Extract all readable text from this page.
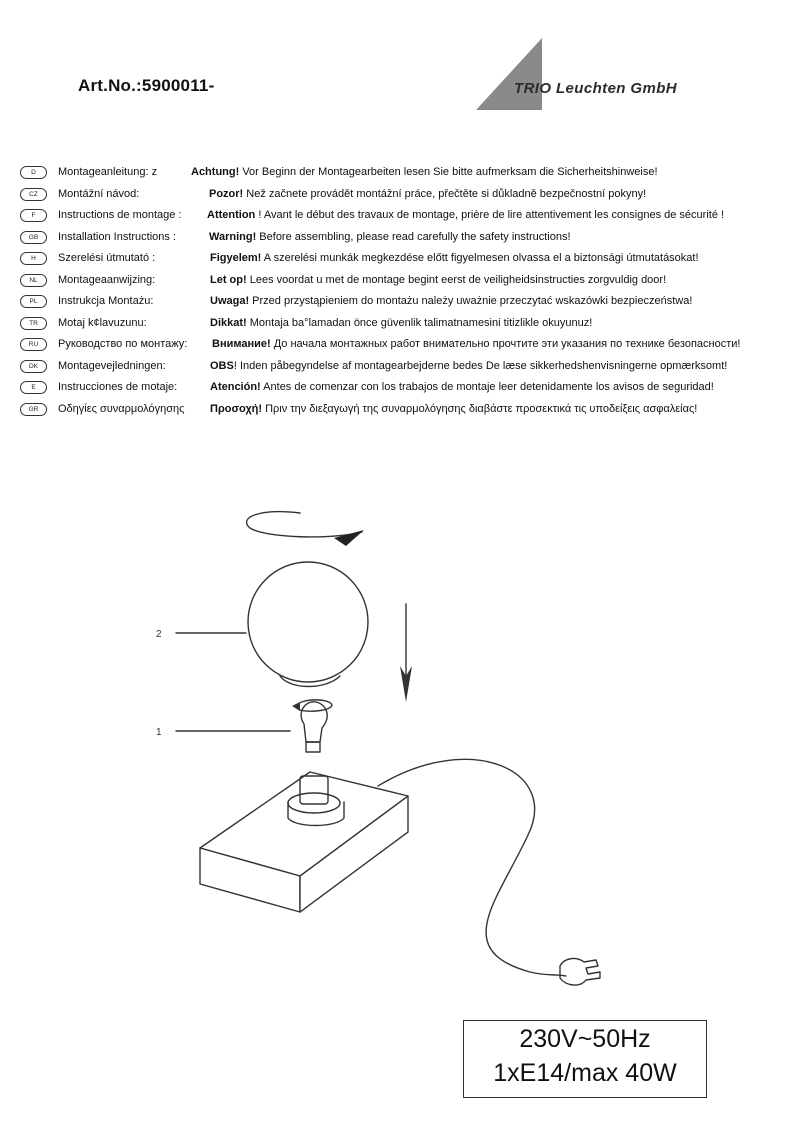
Art.No.:5900011-	TRIO Leuchten GmbH
D	Montageanleitung: z	Achtung! Vor Beginn der Montagearbeiten lesen Sie bitte aufmerksam die Sicherheitshinweise!
CZ	Montážní návod:	Pozor! Než začnete provádět montážní práce, přečtěte si důkladně bezpečnostní pokyny!
F	Instructions de montage : Attention ! Avant le début des travaux de montage, prière de lire attentivement les consignes de sécurité !
GB	Installation Instructions :	Warning! Before assembling, please read carefully the safety instructions!
H	Szerelési útmutató :	Figyelem! A szerelési munkák megkezdése előtt figyelmesen olvassa el a biztonsági útmutatásokat!
NL	Montageaanwijzing:	Let op! Lees voordat u met de montage begint eerst de veiligheidsinstructies zorgvuldig door!
PL	Instrukcja Montażu:	Uwaga! Przed przystąpieniem do montażu należy uważnie przeczytać wskazówki bezpieczeństwa!
TR	Motaj k¢lavuzunu:	Dikkat! Montaja ba°lamadan önce güvenlik talimatnamesini titizlikle okuyunuz!
RU	Руководство по монтажу: Внимание! До начала монтажных работ внимательно прочтите эти указания по технике безопасности!
DK	Montagevejledningen:	OBS! Inden påbegyndelse af montagearbejderne bedes De læse sikkerhedshenvisningerne opmærksomt!
E	Instrucciones de motaje:	Atención! Antes de comenzar con los trabajos de montaje leer detenidamente los avisos de seguridad!
GR	Οδηγίες συναρμολόγησης Προσοχή! Πριν την διεξαγωγή της συναρμολόγησης διαβάστε προσεκτικά τις υποδείξεις ασφαλείας!
2
1
230V~50Hz
1xE14/max 40W
